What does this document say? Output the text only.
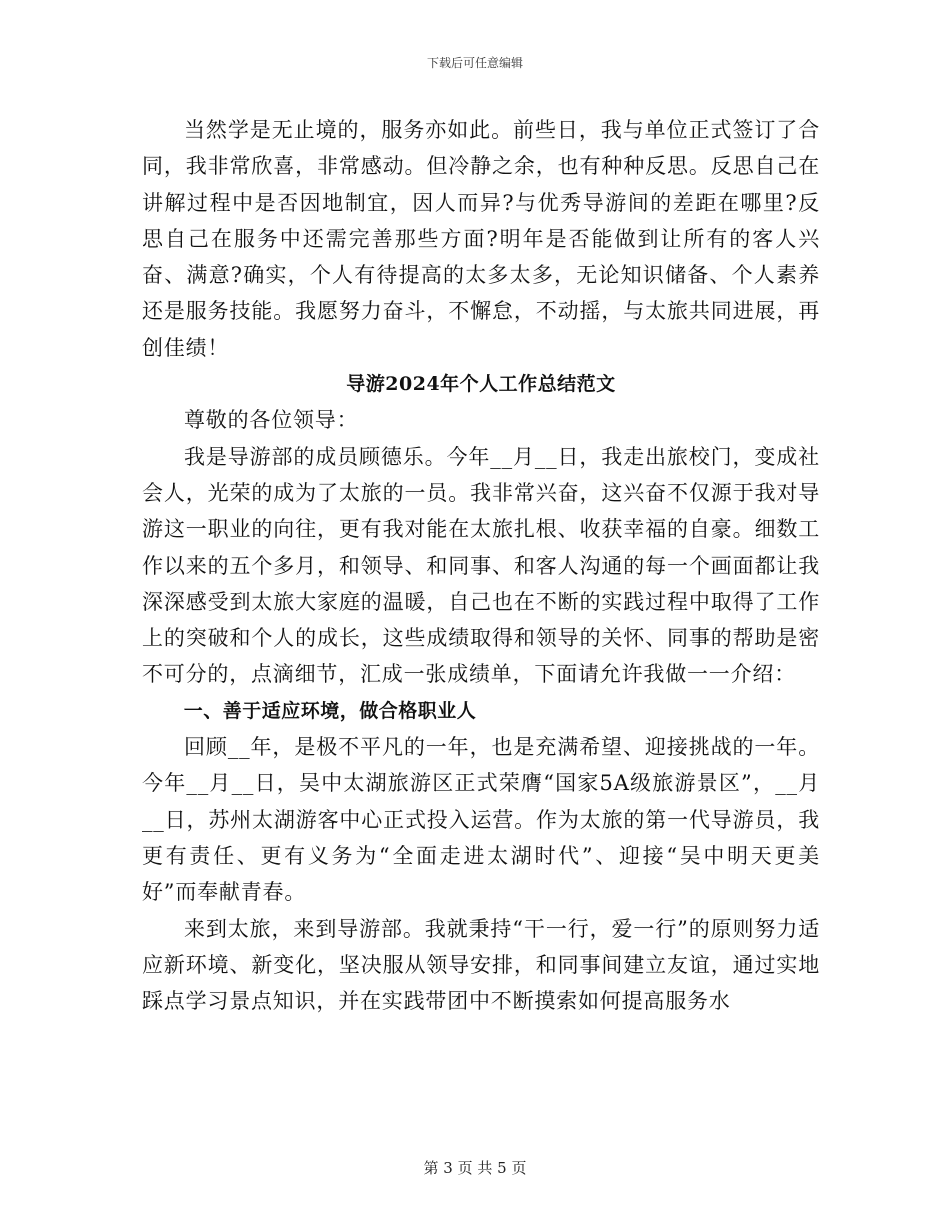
下载后可任意编辑

当然学是无止境的，服务亦如此。前些日，我与单位正式签订了合同，我非常欣喜，非常感动。但冷静之余，也有种种反思。反思自己在讲解过程中是否因地制宜，因人而异?与优秀导游间的差距在哪里?反思自己在服务中还需完善那些方面?明年是否能做到让所有的客人兴奋、满意?确实，个人有待提高的太多太多，无论知识储备、个人素养还是服务技能。我愿努力奋斗，不懈怠，不动摇，与太旅共同进展，再创佳绩！

导游2024年个人工作总结范文

尊敬的各位领导：

我是导游部的成员顾德乐。今年__月__日，我走出旅校门，变成社会人，光荣的成为了太旅的一员。我非常兴奋，这兴奋不仅源于我对导游这一职业的向往，更有我对能在太旅扎根、收获幸福的自豪。细数工作以来的五个多月，和领导、和同事、和客人沟通的每一个画面都让我深深感受到太旅大家庭的温暖，自己也在不断的实践过程中取得了工作上的突破和个人的成长，这些成绩取得和领导的关怀、同事的帮助是密不可分的，点滴细节，汇成一张成绩单，下面请允许我做一一介绍：

一、善于适应环境，做合格职业人

回顾__年，是极不平凡的一年，也是充满希望、迎接挑战的一年。今年__月__日，吴中太湖旅游区正式荣膺“国家5A级旅游景区”，__月__日，苏州太湖游客中心正式投入运营。作为太旅的第一代导游员，我更有责任、更有义务为“全面走进太湖时代”、迎接“吴中明天更美好”而奉献青春。

来到太旅，来到导游部。我就秉持“干一行，爱一行”的原则努力适应新环境、新变化，坚决服从领导安排，和同事间建立友谊，通过实地踩点学习景点知识，并在实践带团中不断摸索如何提高服务水

第 3 页 共 5 页
